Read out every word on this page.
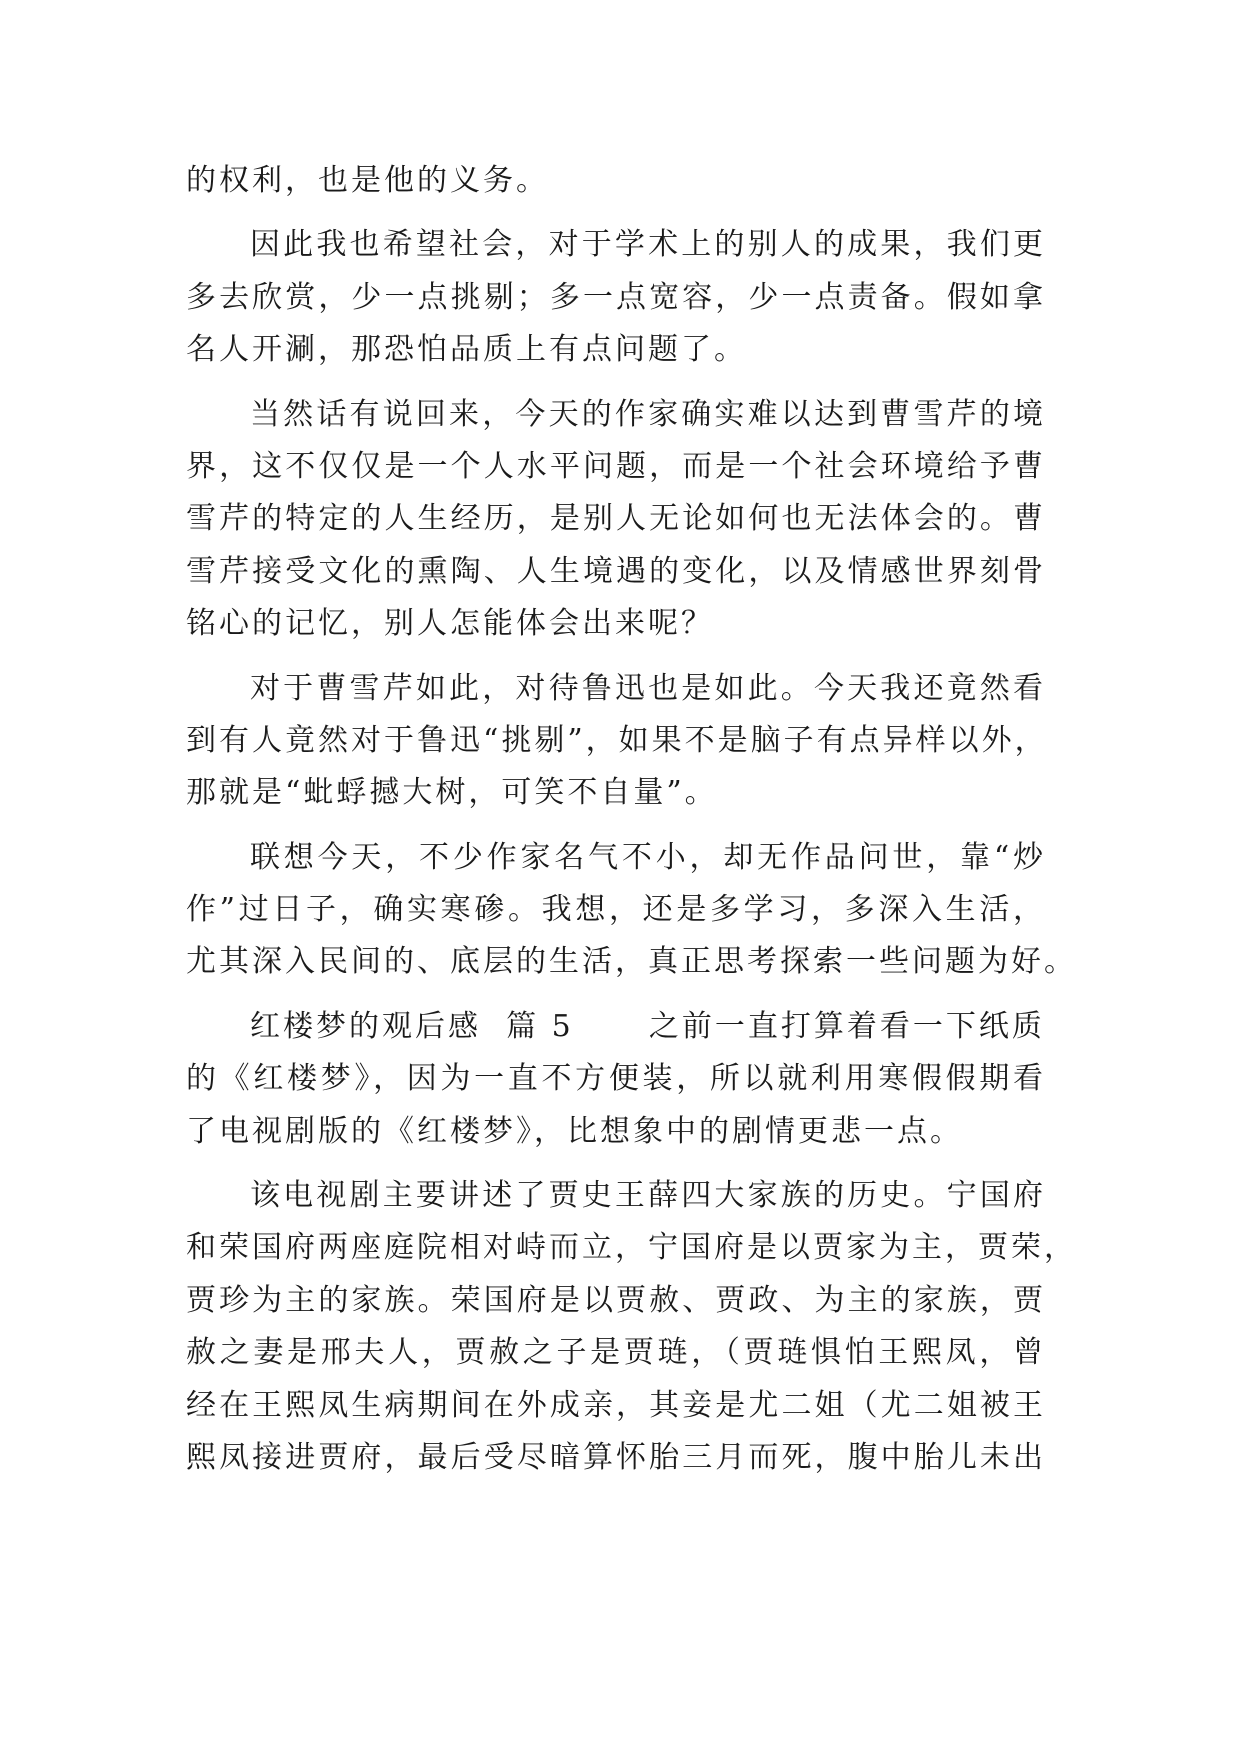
的权利，也是他的义务。
因此我也希望社会，对于学术上的别人的成果，我们更
多去欣赏，少一点挑剔；多一点宽容，少一点责备。假如拿
名人开涮，那恐怕品质上有点问题了。
当然话有说回来，今天的作家确实难以达到曹雪芹的境
界，这不仅仅是一个人水平问题，而是一个社会环境给予曹
雪芹的特定的人生经历，是别人无论如何也无法体会的。曹
雪芹接受文化的熏陶、人生境遇的变化，以及情感世界刻骨
铭心的记忆，别人怎能体会出来呢？
对于曹雪芹如此，对待鲁迅也是如此。今天我还竟然看
到有人竟然对于鲁迅“挑剔”，如果不是脑子有点异样以外，
那就是“蚍蜉撼大树，可笑不自量”。
联想今天，不少作家名气不小，却无作品问世，靠“炒
作”过日子，确实寒碜。我想，还是多学习，多深入生活，
尤其深入民间的、底层的生活，真正思考探索一些问题为好。
红楼梦的观后感  篇 5      之前一直打算着看一下纸质
的《红楼梦》，因为一直不方便装，所以就利用寒假假期看
了电视剧版的《红楼梦》，比想象中的剧情更悲一点。
该电视剧主要讲述了贾史王薛四大家族的历史。宁国府
和荣国府两座庭院相对峙而立，宁国府是以贾家为主，贾荣，
贾珍为主的家族。荣国府是以贾赦、贾政、为主的家族，贾
赦之妻是邢夫人，贾赦之子是贾琏，（贾琏惧怕王熙凤，曾
经在王熙凤生病期间在外成亲，其妾是尤二姐（尤二姐被王
熙凤接进贾府，最后受尽暗算怀胎三月而死，腹中胎儿未出
